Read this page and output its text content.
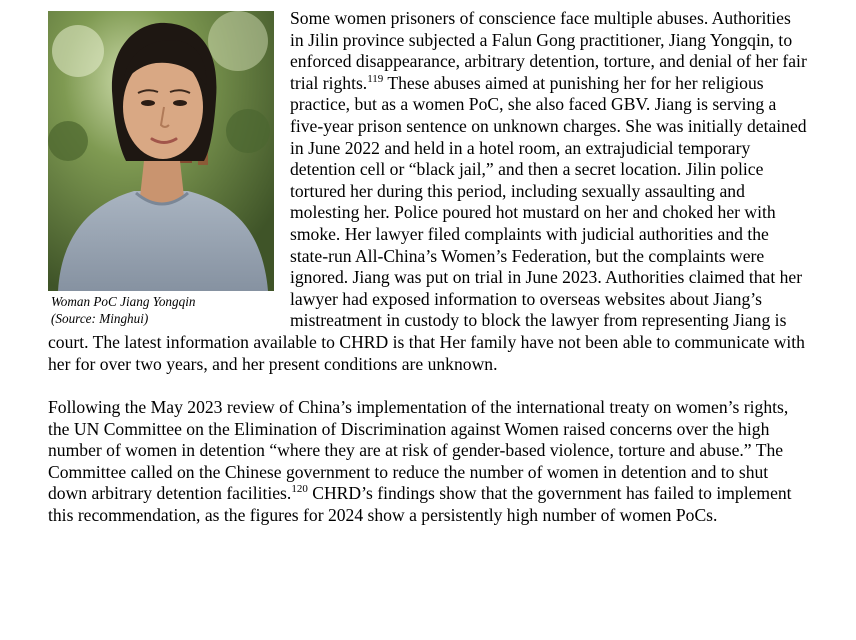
Woman PoC Jiang Yongqin
(Source: Minghui)

Some women prisoners of conscience face multiple abuses. Authorities in Jilin province subjected a Falun Gong practitioner, Jiang Yongqin, to enforced disappearance, arbitrary detention, torture, and denial of her fair trial rights.$^{119}$ These abuses aimed at punishing her for her religious practice, but as a women PoC, she also faced GBV. Jiang is serving a five-year prison sentence on unknown charges. She was initially detained in June 2022 and held in a hotel room, an extrajudicial temporary detention cell or “black jail,” and then a secret location. Jilin police tortured her during this period, including sexually assaulting and molesting her. Police poured hot mustard on her and choked her with smoke. Her lawyer filed complaints with judicial authorities and the state-run All-China’s Women’s Federation, but the complaints were ignored. Jiang was put on trial in June 2023. Authorities claimed that her lawyer had exposed information to overseas websites about Jiang’s mistreatment in custody to block the lawyer from representing Jiang is court. The latest information available to CHRD is that Her family have not been able to communicate with her for over two years, and her present conditions are unknown.

Following the May 2023 review of China’s implementation of the international treaty on women’s rights, the UN Committee on the Elimination of Discrimination against Women raised concerns over the high number of women in detention “where they are at risk of gender-based violence, torture and abuse.” The Committee called on the Chinese government to reduce the number of women in detention and to shut down arbitrary detention facilities.$^{120}$ CHRD’s findings show that the government has failed to implement this recommendation, as the figures for 2024 show a persistently high number of women PoCs.
